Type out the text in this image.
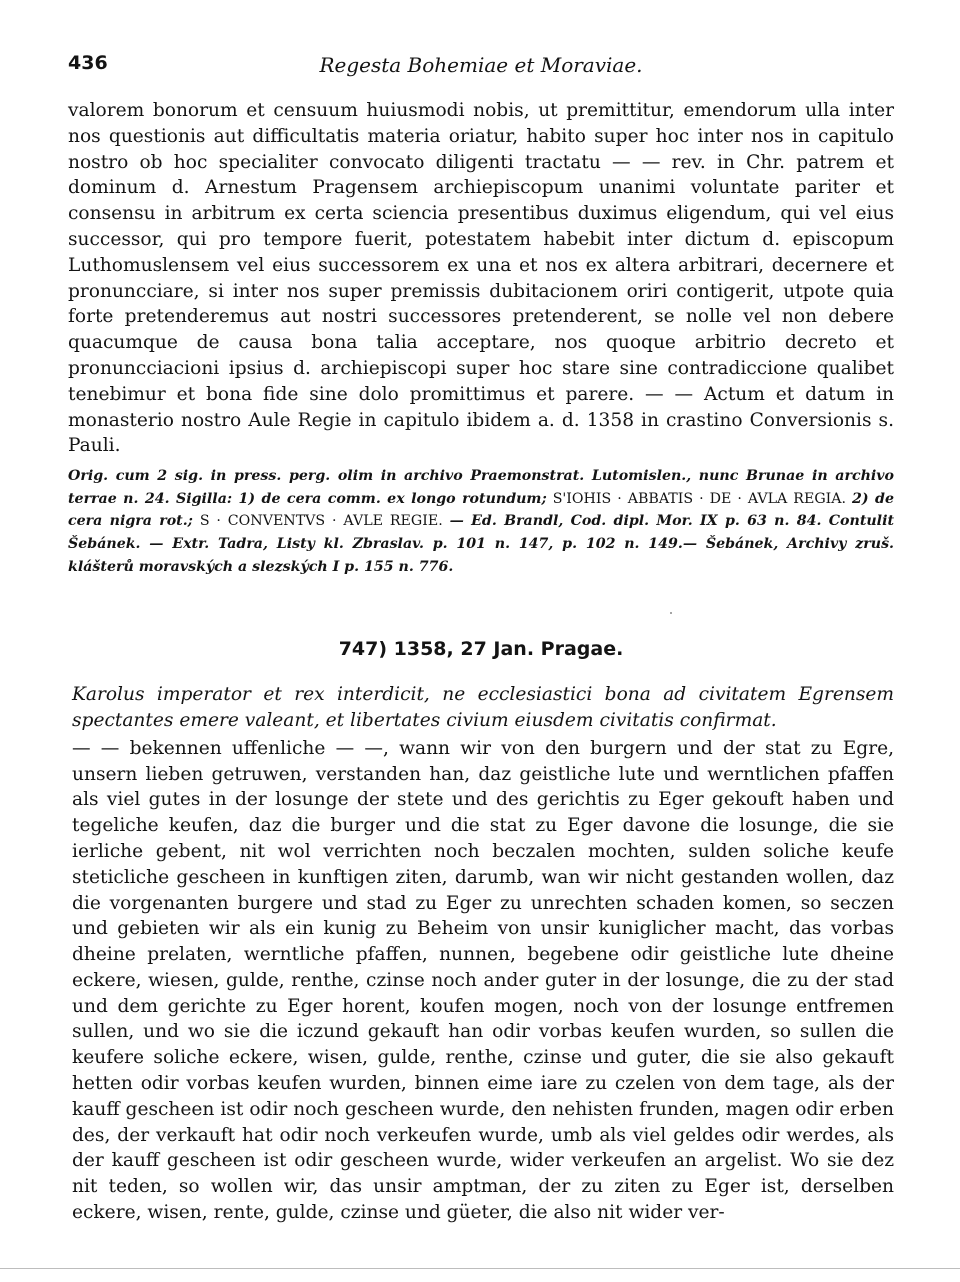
436	Regesta Bohemiae et Moraviae.

valorem bonorum et censuum huiusmodi nobis, ut premittitur, emendorum ulla inter nos questionis aut difficultatis materia oriatur, habito super hoc inter nos in capitulo nostro ob hoc specialiter convocato diligenti tractatu — — rev. in Chr. patrem et dominum d. Arnestum Pragensem archiepiscopum unanimi voluntate pariter et consensu in arbitrum ex certa sciencia presentibus duximus eligendum, qui vel eius successor, qui pro tempore fuerit, potestatem habebit inter dictum d. episcopum Luthomuslensem vel eius successorem ex una et nos ex altera arbitrari, decernere et pronuncciare, si inter nos super premissis dubitacionem oriri contigerit, utpote quia forte pretenderemus aut nostri successores pretenderent, se nolle vel non debere quacumque de causa bona talia acceptare, nos quoque arbitrio decreto et pronuncciacioni ipsius d. archiepiscopi super hoc stare sine contradiccione qualibet tenebimur et bona fide sine dolo promittimus et parere. — — Actum et datum in monasterio nostro Aule Regie in capitulo ibidem a. d. 1358 in crastino Conversionis s. Pauli.

Orig. cum 2 sig. in press. perg. olim in archivo Praemonstrat. Lutomislen., nunc Brunae in archivo terrae n. 24. Sigilla: 1) de cera comm. ex longo rotundum; S'IOHIS · ABBATIS · DE · AVLA REGIA. 2) de cera nigra rot.; S · CONVENTVS · AVLE REGIE. — Ed. Brandl, Cod. dipl. Mor. IX p. 63 n. 84. Contulit Šebánek. — Extr. Tadra, Listy kl. Zbraslav. p. 101 n. 147, p. 102 n. 149.— Šebánek, Archivy zruš. klášterů moravských a slezských I p. 155 n. 776.

747) 1358, 27 Jan. Pragae.

Karolus imperator et rex interdicit, ne ecclesiastici bona ad civitatem Egrensem spectantes emere valeant, et libertates civium eiusdem civitatis confirmat.

— — bekennen uffenliche — —, wann wir von den burgern und der stat zu Egre, unsern lieben getruwen, verstanden han, daz geistliche lute und werntlichen pfaffen als viel gutes in der losunge der stete und des gerichtis zu Eger gekouft haben und tegeliche keufen, daz die burger und die stat zu Eger davone die losunge, die sie ierliche gebent, nit wol verrichten noch beczalen mochten, sulden soliche keufe steticliche gescheen in kunftigen ziten, darumb, wan wir nicht gestanden wollen, daz die vorgenanten burgere und stad zu Eger zu unrechten schaden komen, so seczen und gebieten wir als ein kunig zu Beheim von unsir kuniglicher macht, das vorbas dheine prelaten, werntliche pfaffen, nunnen, begebene odir geistliche lute dheine eckere, wiesen, gulde, renthe, czinse noch ander guter in der losunge, die zu der stad und dem gerichte zu Eger horent, koufen mogen, noch von der losunge entfremen sullen, und wo sie die iczund gekauft han odir vorbas keufen wurden, so sullen die keufere soliche eckere, wisen, gulde, renthe, czinse und guter, die sie also gekauft hetten odir vorbas keufen wurden, binnen eime iare zu czelen von dem tage, als der kauff gescheen ist odir noch gescheen wurde, den nehisten frunden, magen odir erben des, der verkauft hat odir noch verkeufen wurde, umb als viel geldes odir werdes, als der kauff gescheen ist odir gescheen wurde, wider verkeufen an argelist. Wo sie dez nit teden, so wollen wir, das unsir amptman, der zu ziten zu Eger ist, derselben eckere, wisen, rente, gulde, czinse und güeter, die also nit wider ver-
